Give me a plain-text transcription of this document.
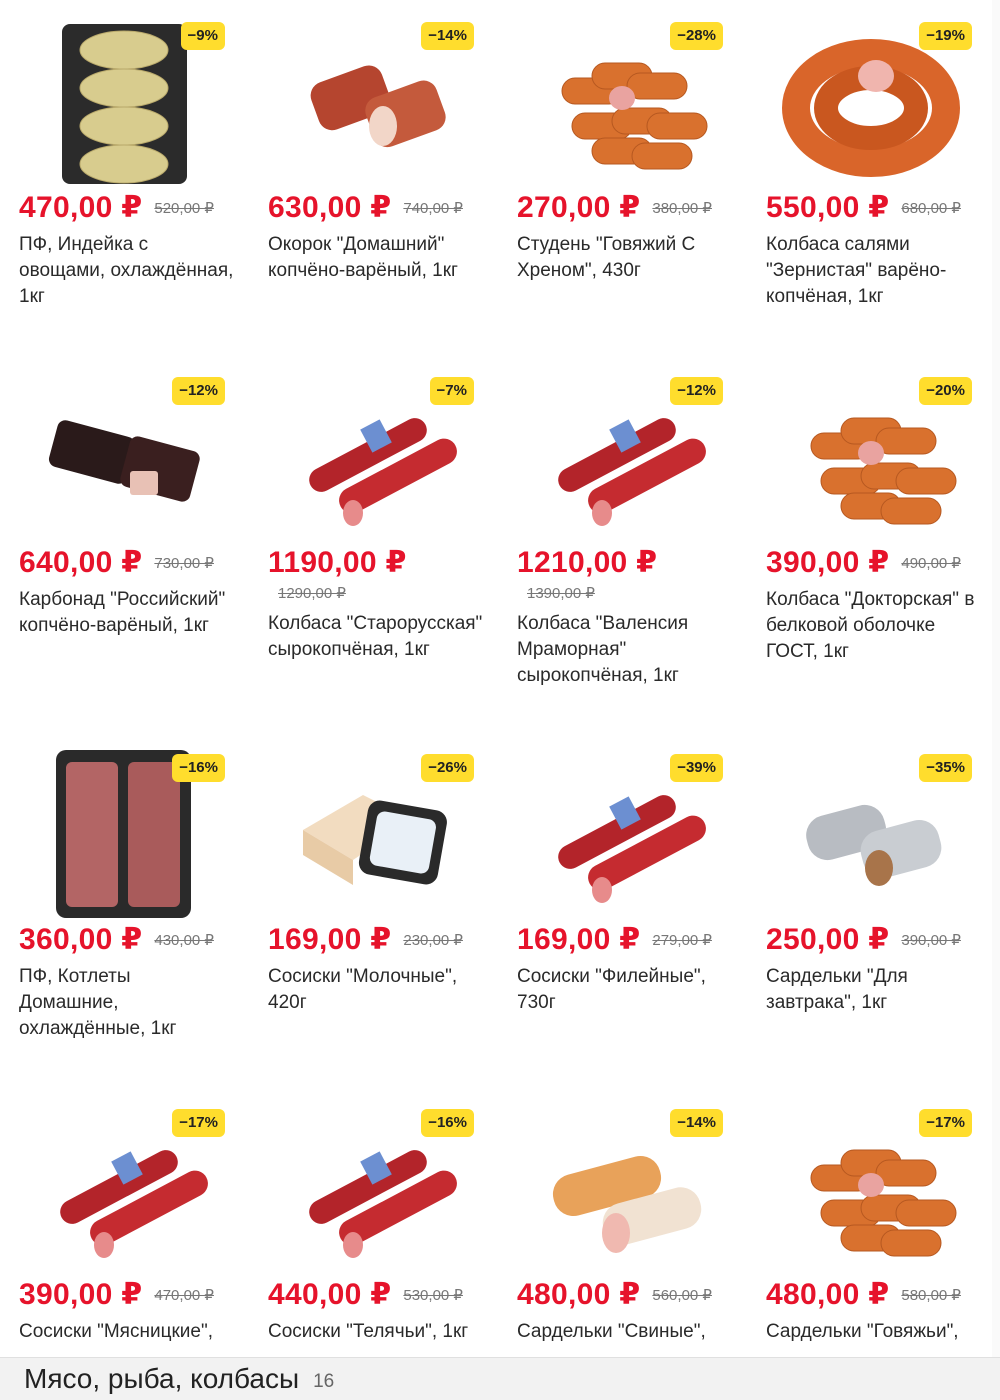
−9%
470,00 ₽ 520,00 ₽
ПФ, Индейка с овощами, охлаждённая, 1кг
−14%
630,00 ₽ 740,00 ₽
Окорок "Домашний" копчёно-варёный, 1кг
−28%
270,00 ₽ 380,00 ₽
Студень "Говяжий С Хреном", 430г
−19%
550,00 ₽ 680,00 ₽
Колбаса салями "Зернистая" варёно-копчёная, 1кг
−12%
640,00 ₽ 730,00 ₽
Карбонад "Российский" копчёно-варёный, 1кг
−7%
1190,00 ₽
1290,00 ₽
Колбаса "Старорусская" сырокопчёная, 1кг
−12%
1210,00 ₽
1390,00 ₽
Колбаса "Валенсия Мраморная" сырокопчёная, 1кг
−20%
390,00 ₽ 490,00 ₽
Колбаса "Докторская" в белковой оболочке ГОСТ, 1кг
−16%
360,00 ₽ 430,00 ₽
ПФ, Котлеты Домашние, охлаждённые, 1кг
−26%
169,00 ₽ 230,00 ₽
Сосиски "Молочные", 420г
−39%
169,00 ₽ 279,00 ₽
Сосиски "Филейные", 730г
−35%
250,00 ₽ 390,00 ₽
Сардельки "Для завтрака", 1кг
−17%
390,00 ₽ 470,00 ₽
Сосиски "Мясницкие",
−16%
440,00 ₽ 530,00 ₽
Сосиски "Телячьи", 1кг
−14%
480,00 ₽ 560,00 ₽
Сардельки "Свиные",
−17%
480,00 ₽ 580,00 ₽
Сардельки "Говяжьи",
Мясо, рыба, колбасы 16
